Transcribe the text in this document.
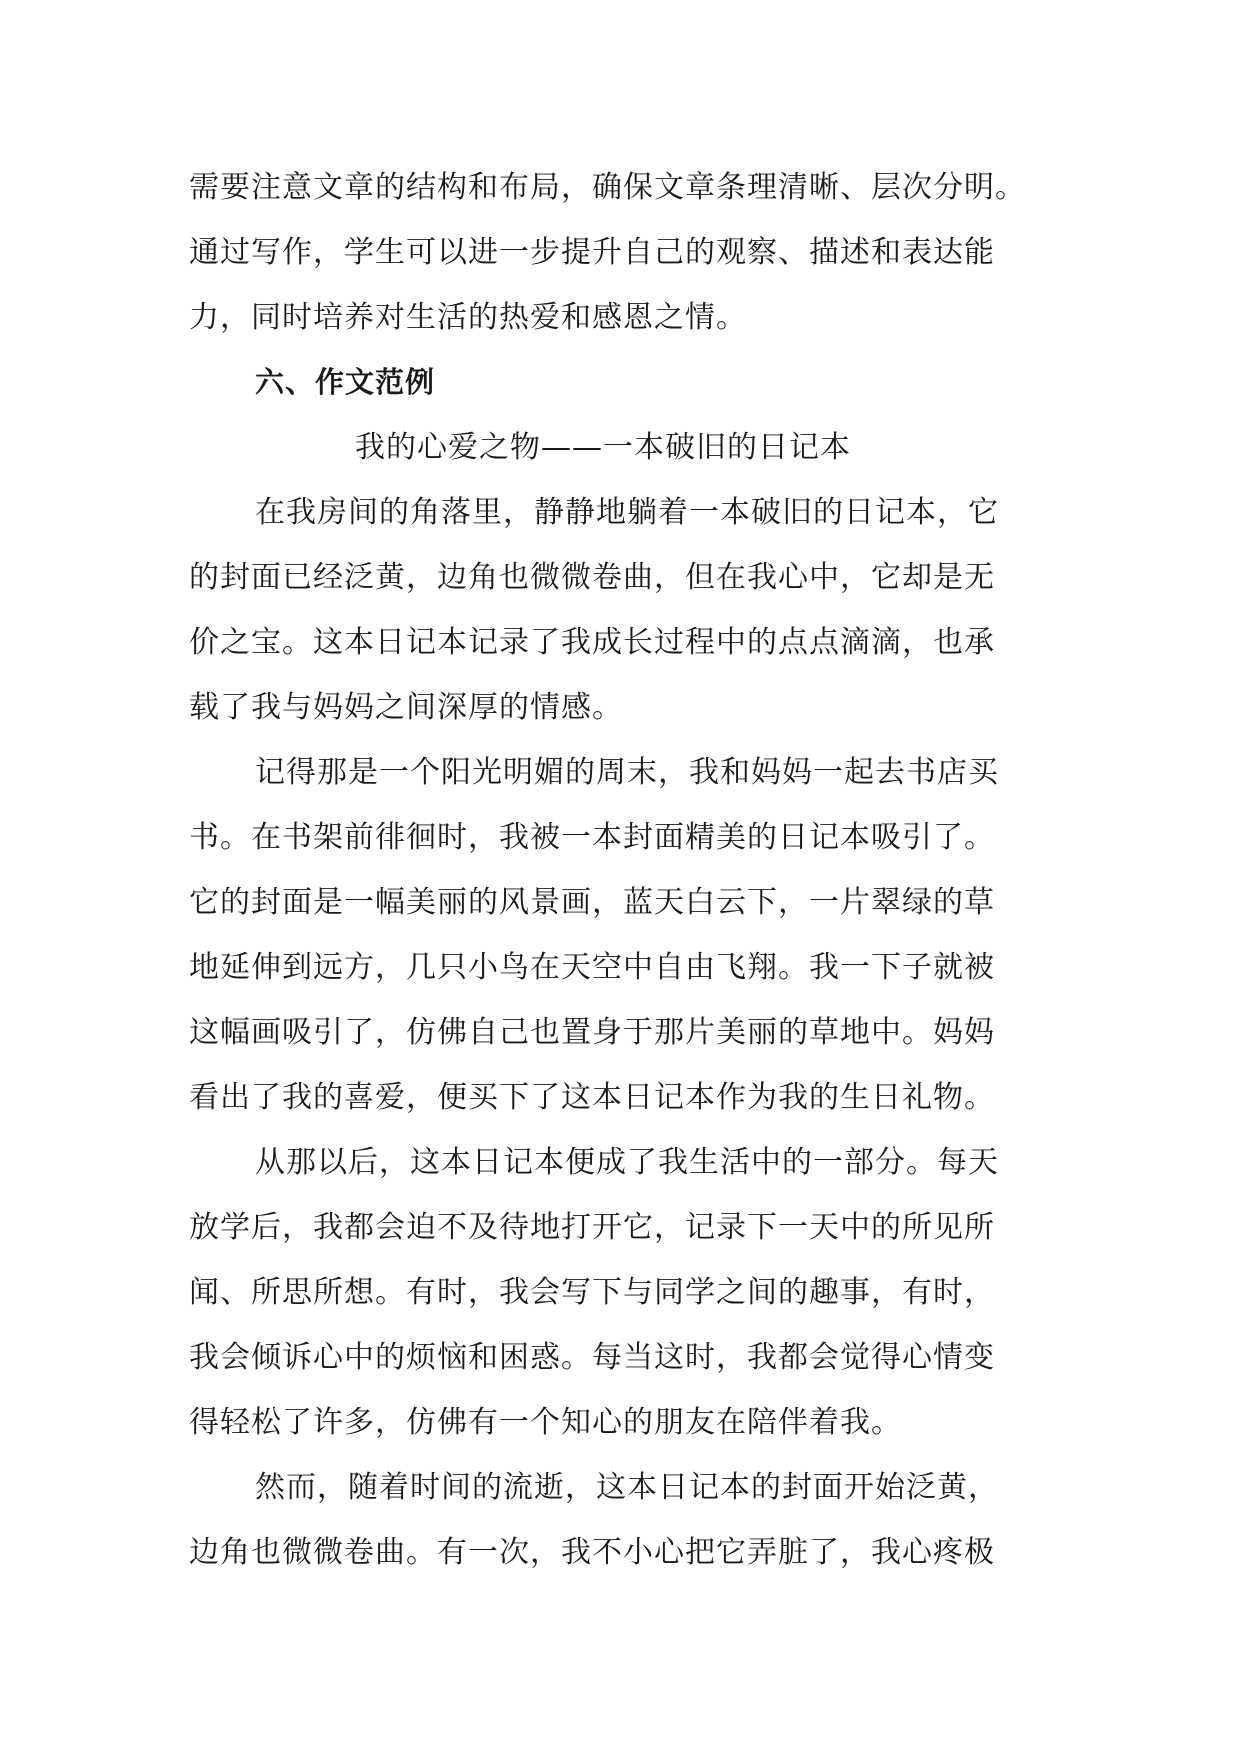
需要注意文章的结构和布局，确保文章条理清晰、层次分明。
通过写作，学生可以进一步提升自己的观察、描述和表达能
力，同时培养对生活的热爱和感恩之情。
六、作文范例
我的心爱之物——一本破旧的日记本
在我房间的角落里，静静地躺着一本破旧的日记本，它
的封面已经泛黄，边角也微微卷曲，但在我心中，它却是无
价之宝。这本日记本记录了我成长过程中的点点滴滴，也承
载了我与妈妈之间深厚的情感。
记得那是一个阳光明媚的周末，我和妈妈一起去书店买
书。在书架前徘徊时，我被一本封面精美的日记本吸引了。
它的封面是一幅美丽的风景画，蓝天白云下，一片翠绿的草
地延伸到远方，几只小鸟在天空中自由飞翔。我一下子就被
这幅画吸引了，仿佛自己也置身于那片美丽的草地中。妈妈
看出了我的喜爱，便买下了这本日记本作为我的生日礼物。
从那以后，这本日记本便成了我生活中的一部分。每天
放学后，我都会迫不及待地打开它，记录下一天中的所见所
闻、所思所想。有时，我会写下与同学之间的趣事，有时，
我会倾诉心中的烦恼和困惑。每当这时，我都会觉得心情变
得轻松了许多，仿佛有一个知心的朋友在陪伴着我。
然而，随着时间的流逝，这本日记本的封面开始泛黄，
边角也微微卷曲。有一次，我不小心把它弄脏了，我心疼极
